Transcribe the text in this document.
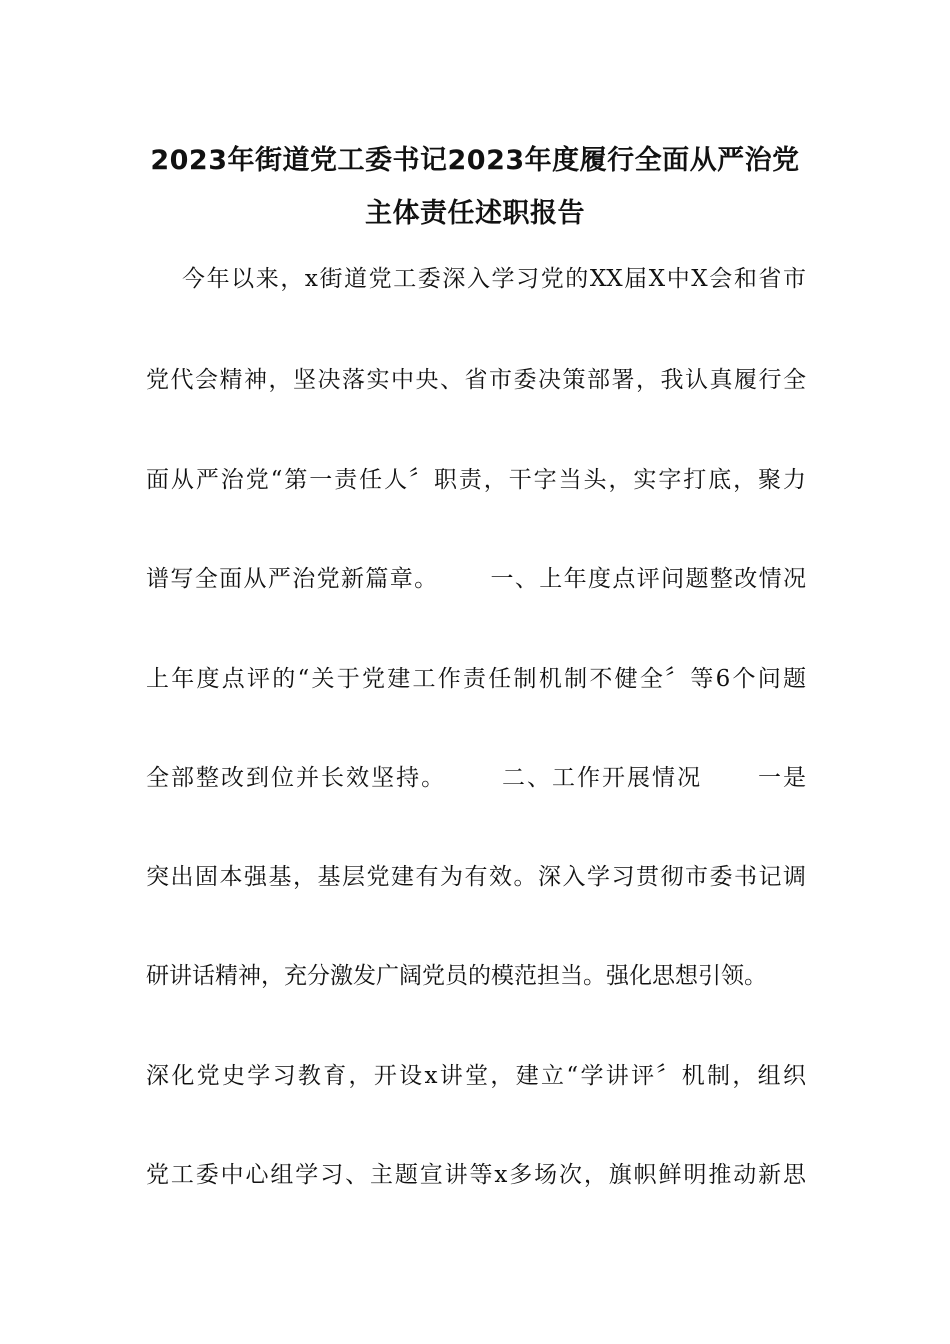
2023年街道党工委书记2023年度履行全面从严治党
主体责任述职报告
今年以来，x街道党工委深入学习党的XX届X中X会和省市
党代会精神，坚决落实中央、省市委决策部署，我认真履行全
面从严治党“第一责任人〞职责，干字当头，实字打底，聚力
谱写全面从严治党新篇章。      一、上年度点评问题整改情况
上年度点评的“关于党建工作责任制机制不健全〞等6个问题
全部整改到位并长效坚持。      二、工作开展情况      一是
突出固本强基，基层党建有为有效。深入学习贯彻市委书记调
研讲话精神，充分激发广阔党员的模范担当。强化思想引领。
深化党史学习教育，开设x讲堂，建立“学讲评〞机制，组织
党工委中心组学习、主题宣讲等x多场次，旗帜鲜明推动新思
